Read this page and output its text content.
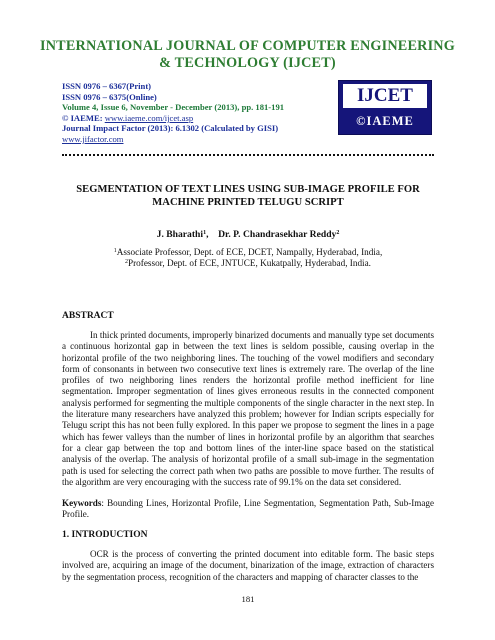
INTERNATIONAL JOURNAL OF COMPUTER ENGINEERING & TECHNOLOGY (IJCET)
ISSN 0976 – 6367(Print)
ISSN 0976 – 6375(Online)
Volume 4, Issue 6, November - December (2013), pp. 181-191
© IAEME: www.iaeme.com/ijcet.asp
Journal Impact Factor (2013): 6.1302 (Calculated by GISI)
www.jifactor.com
IJCET
©IAEME
SEGMENTATION OF TEXT LINES USING SUB-IMAGE PROFILE FOR MACHINE PRINTED TELUGU SCRIPT
J. Bharathi$^1$,    Dr. P. Chandrasekhar Reddy$^2$
$^1$Associate Professor, Dept. of ECE, DCET, Nampally, Hyderabad, India,
$^2$Professor, Dept. of ECE, JNTUCE, Kukatpally, Hyderabad, India.
ABSTRACT
In thick printed documents, improperly binarized documents and manually type set documents a continuous horizontal gap in between the text lines is seldom possible, causing overlap in the horizontal profile of the two neighboring lines. The touching of the vowel modifiers and secondary form of consonants in between two consecutive text lines is extremely rare. The overlap of the line profiles of two neighboring lines renders the horizontal profile method inefficient for line segmentation. Improper segmentation of lines gives erroneous results in the connected component analysis performed for segmenting the multiple components of the single character in the next step. In the literature many researchers have analyzed this problem; however for Indian scripts especially for Telugu script this has not been fully explored. In this paper we propose to segment the lines in a page which has fewer valleys than the number of lines in horizontal profile by an algorithm that searches for a clear gap between the top and bottom lines of the inter-line space based on the statistical analysis of the overlap. The analysis of horizontal profile of a small sub-image in the segmentation path is used for selecting the correct path when two paths are possible to move further. The results of the algorithm are very encouraging with the success rate of 99.1% on the data set considered.
Keywords: Bounding Lines, Horizontal Profile, Line Segmentation, Segmentation Path, Sub-Image Profile.
1. INTRODUCTION
OCR is the process of converting the printed document into editable form. The basic steps involved are, acquiring an image of the document, binarization of the image, extraction of characters by the segmentation process, recognition of the characters and mapping of character classes to the
181
